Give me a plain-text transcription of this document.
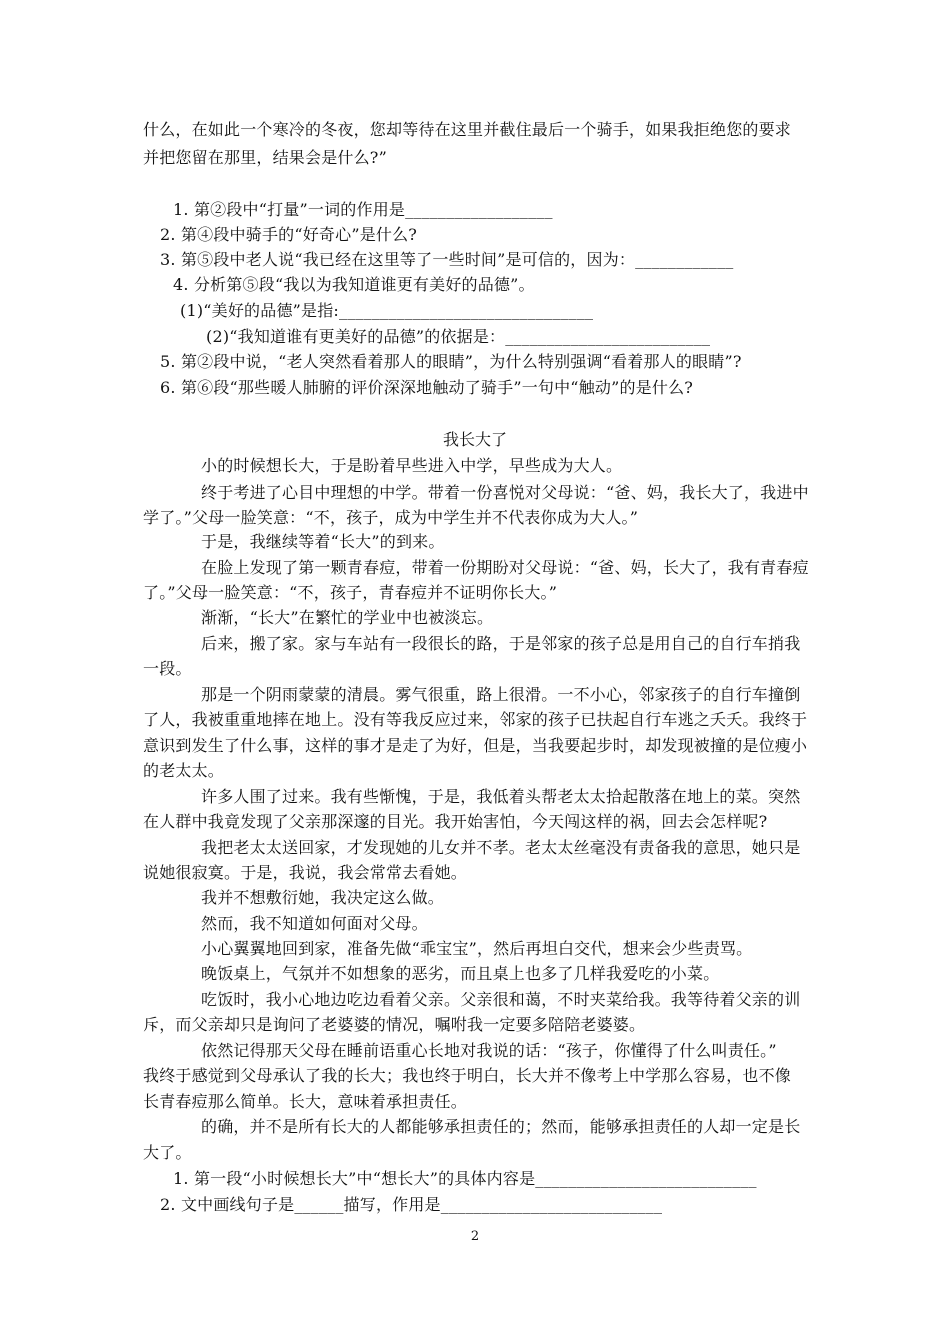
什么，在如此一个寒冷的冬夜，您却等待在这里并截住最后一个骑手，如果我拒绝您的要求
并把您留在那里，结果会是什么?”
1. 第②段中“打量”一词的作用是__________________
2. 第④段中骑手的“好奇心”是什么?
3. 第⑤段中老人说“我已经在这里等了一些时间”是可信的，因为：____________
4. 分析第⑤段“我以为我知道谁更有美好的品德”。
(1)“美好的品德”是指:_______________________________
(2)“我知道谁有更美好的品德”的依据是：_________________________
5. 第②段中说，“老人突然看着那人的眼睛”，为什么特别强调“看着那人的眼睛”?
6. 第⑥段“那些暖人肺腑的评价深深地触动了骑手”一句中“触动”的是什么?
我长大了
小的时候想长大，于是盼着早些进入中学，早些成为大人。
终于考进了心目中理想的中学。带着一份喜悦对父母说：“爸、妈，我长大了，我进中
学了。”父母一脸笑意：“不，孩子，成为中学生并不代表你成为大人。”
于是，我继续等着“长大”的到来。
在脸上发现了第一颗青春痘，带着一份期盼对父母说：“爸、妈，长大了，我有青春痘
了。”父母一脸笑意：“不，孩子，青春痘并不证明你长大。”
渐渐，“长大”在繁忙的学业中也被淡忘。
后来，搬了家。家与车站有一段很长的路，于是邻家的孩子总是用自己的自行车捎我
一段。
那是一个阴雨蒙蒙的清晨。雾气很重，路上很滑。一不小心，邻家孩子的自行车撞倒
了人，我被重重地摔在地上。没有等我反应过来，邻家的孩子已扶起自行车逃之夭夭。我终于
意识到发生了什么事，这样的事才是走了为好，但是，当我要起步时，却发现被撞的是位瘦小
的老太太。
许多人围了过来。我有些惭愧，于是，我低着头帮老太太拾起散落在地上的菜。突然
在人群中我竟发现了父亲那深邃的目光。我开始害怕，今天闯这样的祸，回去会怎样呢?
我把老太太送回家，才发现她的儿女并不孝。老太太丝毫没有责备我的意思，她只是
说她很寂寞。于是，我说，我会常常去看她。
我并不想敷衍她，我决定这么做。
然而，我不知道如何面对父母。
小心翼翼地回到家，准备先做“乖宝宝”，然后再坦白交代，想来会少些责骂。
晚饭桌上，气氛并不如想象的恶劣，而且桌上也多了几样我爱吃的小菜。
吃饭时，我小心地边吃边看着父亲。父亲很和蔼，不时夹菜给我。我等待着父亲的训
斥，而父亲却只是询问了老婆婆的情况，嘱咐我一定要多陪陪老婆婆。
依然记得那天父母在睡前语重心长地对我说的话：“孩子，你懂得了什么叫责任。”
我终于感觉到父母承认了我的长大；我也终于明白，长大并不像考上中学那么容易，也不像
长青春痘那么简单。长大，意味着承担责任。
的确，并不是所有长大的人都能够承担责任的；然而，能够承担责任的人却一定是长
大了。
1. 第一段“小时候想长大”中“想长大”的具体内容是___________________________
2. 文中画线句子是______描写，作用是___________________________
2
